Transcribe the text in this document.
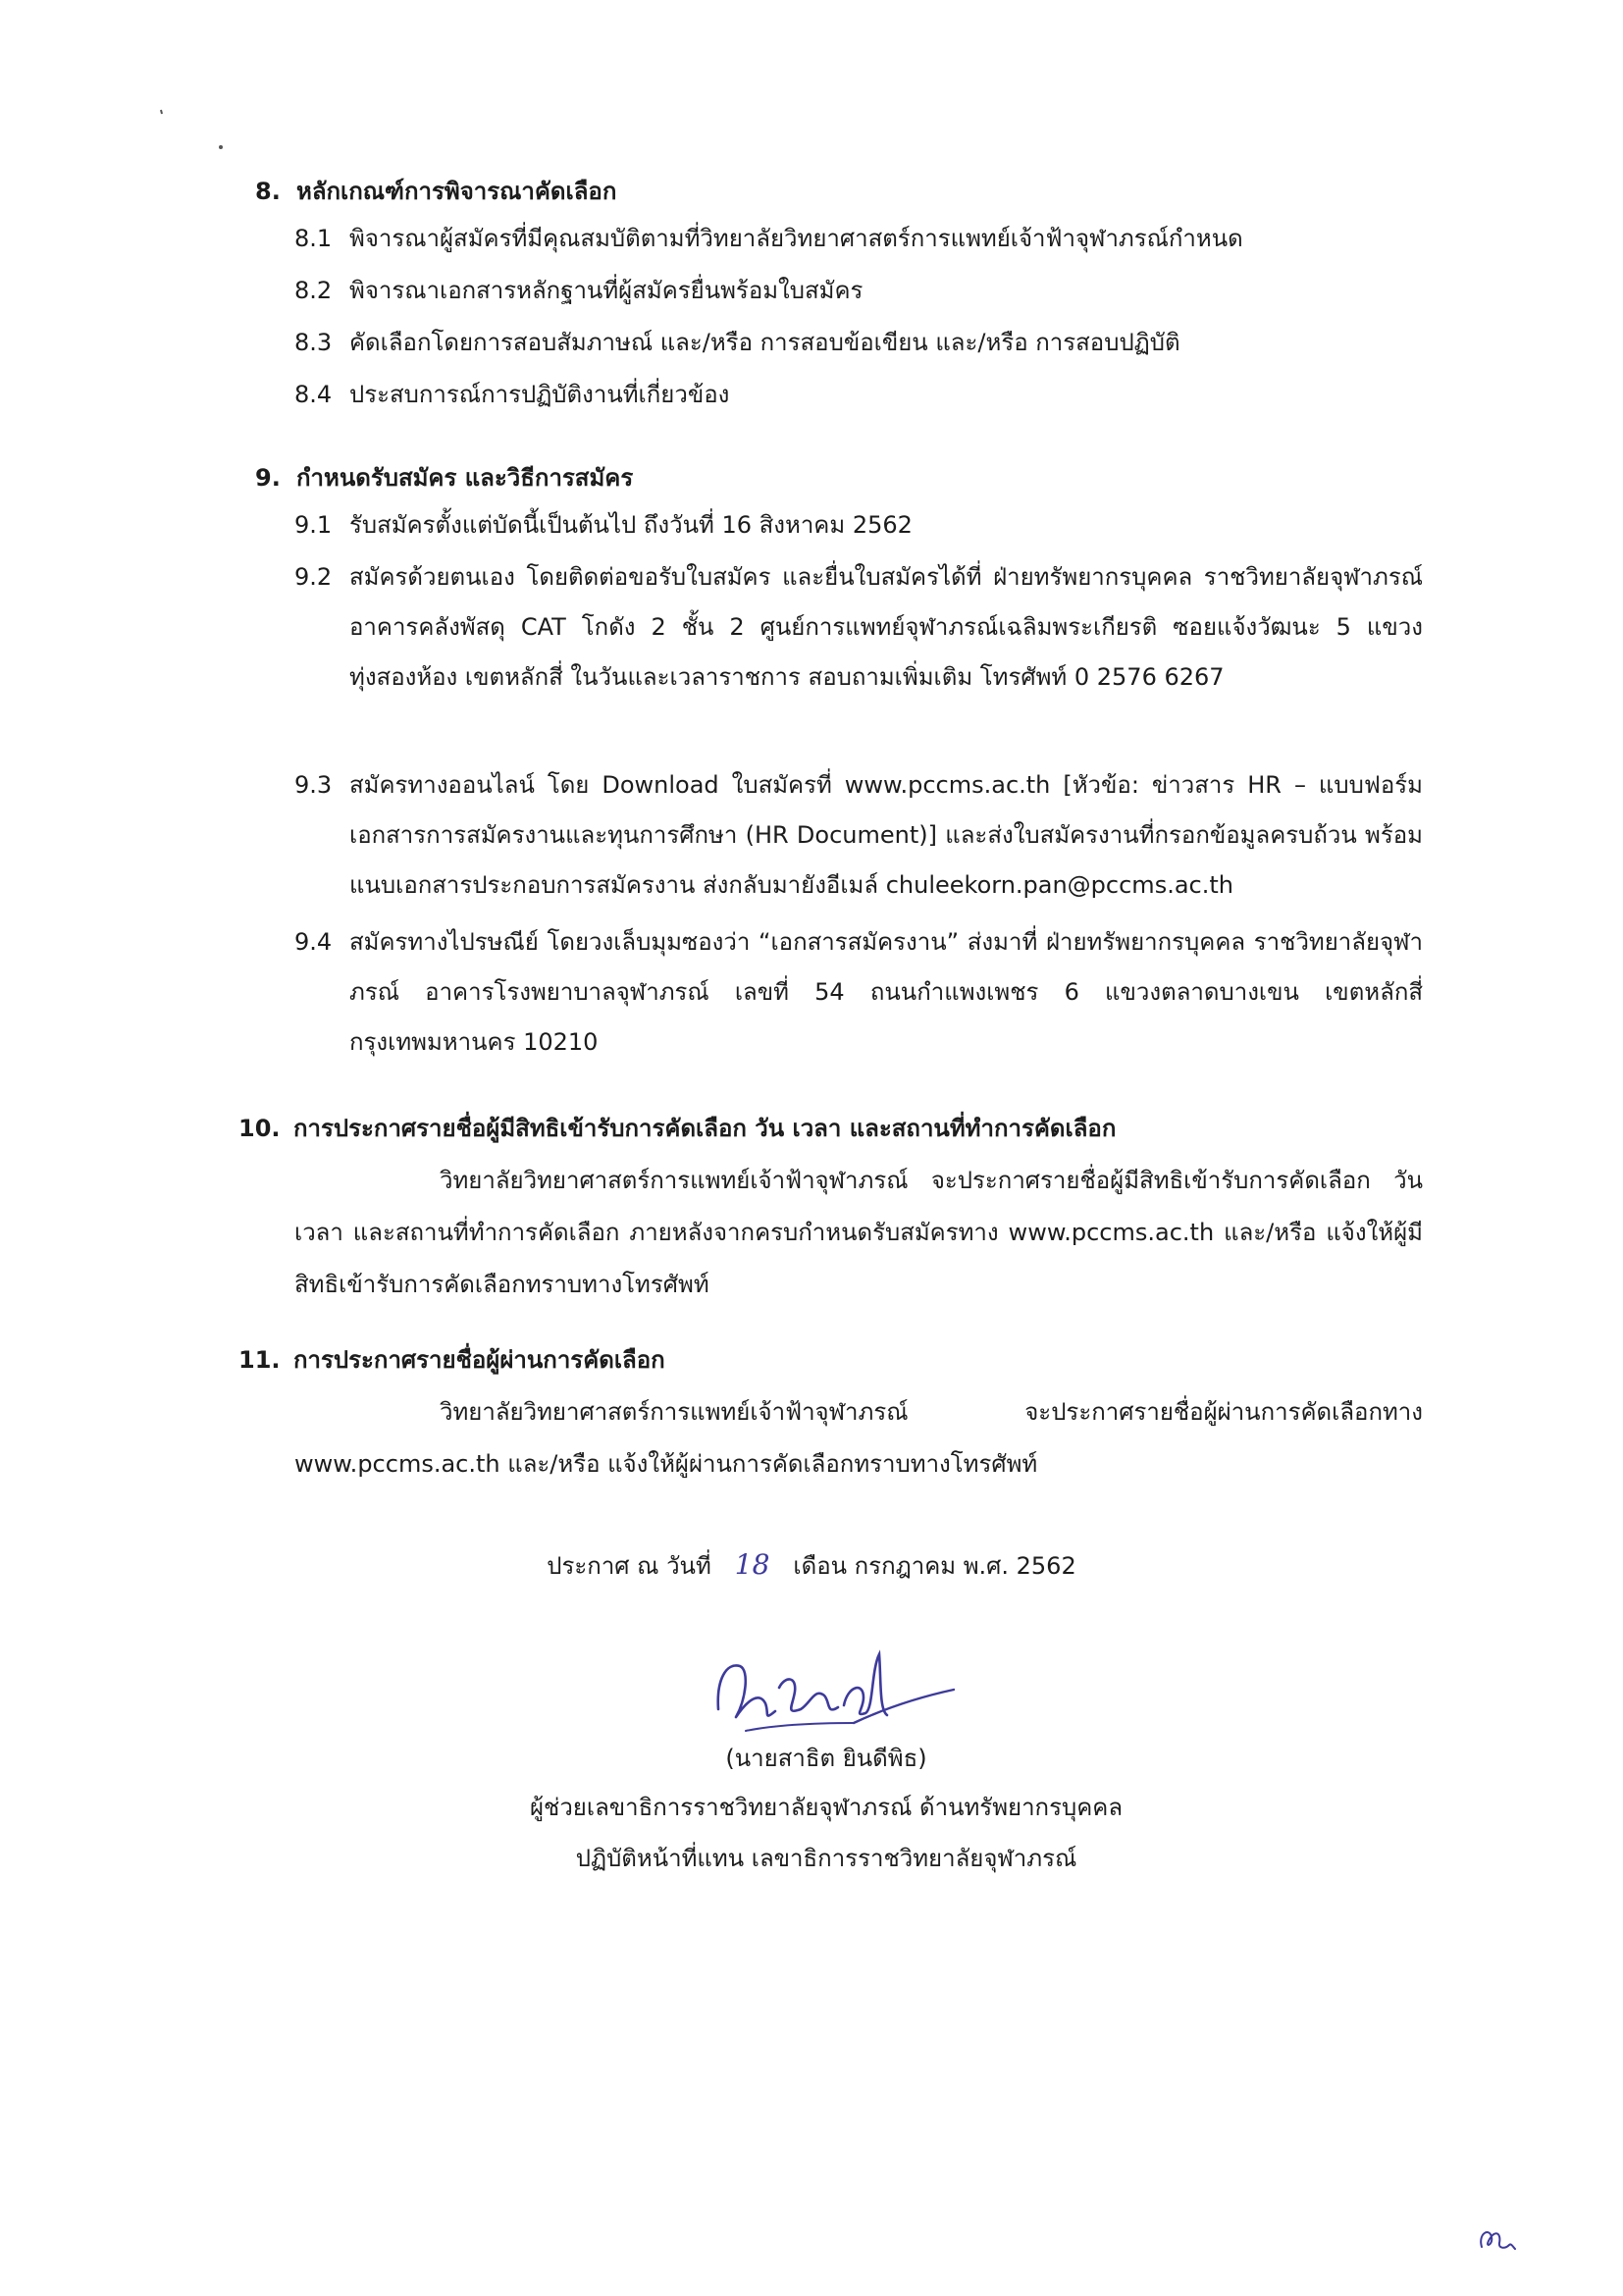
8. หลักเกณฑ์การพิจารณาคัดเลือก
8.1 พิจารณาผู้สมัครที่มีคุณสมบัติตามที่วิทยาลัยวิทยาศาสตร์การแพทย์เจ้าฟ้าจุฬาภรณ์กำหนด
8.2 พิจารณาเอกสารหลักฐานที่ผู้สมัครยื่นพร้อมใบสมัคร
8.3 คัดเลือกโดยการสอบสัมภาษณ์ และ/หรือ การสอบข้อเขียน และ/หรือ การสอบปฏิบัติ
8.4 ประสบการณ์การปฏิบัติงานที่เกี่ยวข้อง
9. กำหนดรับสมัคร และวิธีการสมัคร
9.1 รับสมัครตั้งแต่บัดนี้เป็นต้นไป ถึงวันที่ 16 สิงหาคม 2562
9.2 สมัครด้วยตนเอง โดยติดต่อขอรับใบสมัคร และยื่นใบสมัครได้ที่ ฝ่ายทรัพยากรบุคคล ราชวิทยาลัยจุฬาภรณ์ อาคารคลังพัสดุ CAT โกดัง 2 ชั้น 2 ศูนย์การแพทย์จุฬาภรณ์เฉลิมพระเกียรติ ซอยแจ้งวัฒนะ 5 แขวงทุ่งสองห้อง เขตหลักสี่ ในวันและเวลาราชการ สอบถามเพิ่มเติม โทรศัพท์ 0 2576 6267
9.3 สมัครทางออนไลน์ โดย Download ใบสมัครที่ www.pccms.ac.th [หัวข้อ: ข่าวสาร HR – แบบฟอร์มเอกสารการสมัครงานและทุนการศึกษา (HR Document)] และส่งใบสมัครงานที่กรอกข้อมูลครบถ้วน พร้อมแนบเอกสารประกอบการสมัครงาน ส่งกลับมายังอีเมล์ chuleekorn.pan@pccms.ac.th
9.4 สมัครทางไปรษณีย์ โดยวงเล็บมุมซองว่า “เอกสารสมัครงาน” ส่งมาที่ ฝ่ายทรัพยากรบุคคล ราชวิทยาลัยจุฬาภรณ์ อาคารโรงพยาบาลจุฬาภรณ์ เลขที่ 54 ถนนกำแพงเพชร 6 แขวงตลาดบางเขน เขตหลักสี่ กรุงเทพมหานคร 10210
10. การประกาศรายชื่อผู้มีสิทธิเข้ารับการคัดเลือก วัน เวลา และสถานที่ทำการคัดเลือก
วิทยาลัยวิทยาศาสตร์การแพทย์เจ้าฟ้าจุฬาภรณ์ จะประกาศรายชื่อผู้มีสิทธิเข้ารับการคัดเลือก วัน เวลา และสถานที่ทำการคัดเลือก ภายหลังจากครบกำหนดรับสมัครทาง www.pccms.ac.th และ/หรือ แจ้งให้ผู้มีสิทธิเข้ารับการคัดเลือกทราบทางโทรศัพท์
11. การประกาศรายชื่อผู้ผ่านการคัดเลือก
วิทยาลัยวิทยาศาสตร์การแพทย์เจ้าฟ้าจุฬาภรณ์ จะประกาศรายชื่อผู้ผ่านการคัดเลือกทาง www.pccms.ac.th และ/หรือ แจ้งให้ผู้ผ่านการคัดเลือกทราบทางโทรศัพท์
ประกาศ ณ วันที่ 18 เดือน กรกฎาคม พ.ศ. 2562
(นายสาธิต ยินดีพิธ)
ผู้ช่วยเลขาธิการราชวิทยาลัยจุฬาภรณ์ ด้านทรัพยากรบุคคล
ปฏิบัติหน้าที่แทน เลขาธิการราชวิทยาลัยจุฬาภรณ์
